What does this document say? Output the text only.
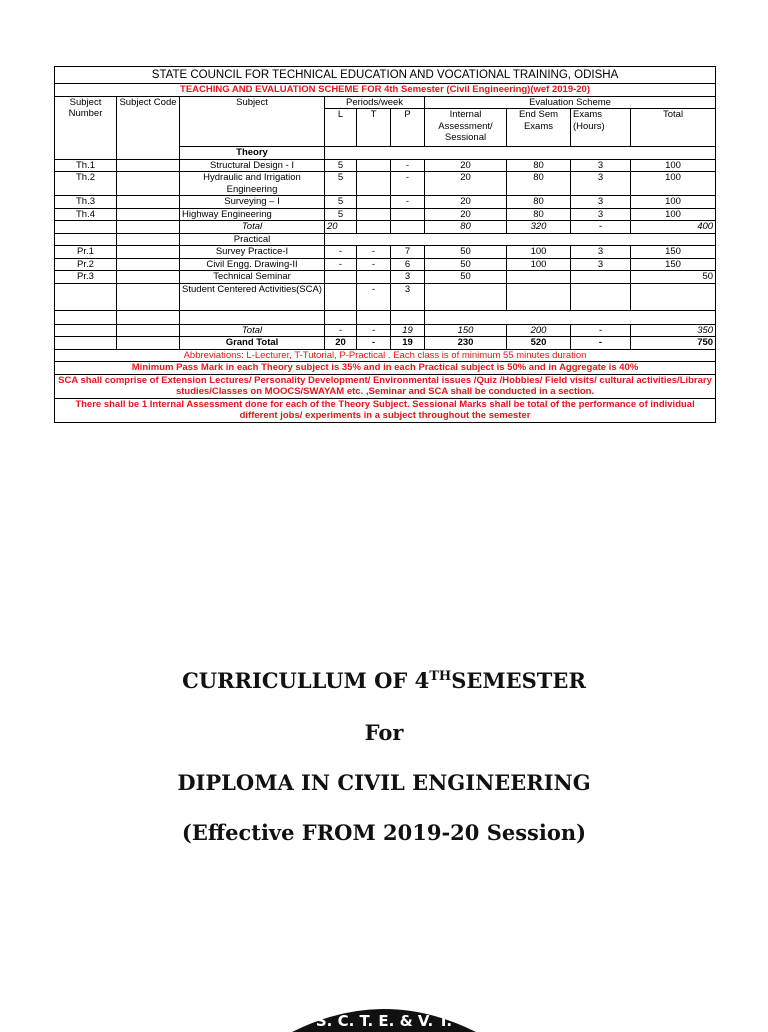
STATE COUNCIL FOR TECHNICAL EDUCATION AND VOCATIONAL TRAINING, ODISHA									
TEACHING AND EVALUATION SCHEME FOR 4th Semester (Civil Engineering)(wef 2019-20)									
Subject Number	Subject Code	Subject	Periods/week			Evaluation Scheme			
			L	T	P	Internal Assessment/ Sessional	End Sem Exams	Exams (Hours)	Total
		Theory							
Th.1		Structural Design - I	5		-	20	80	3	100
Th.2		Hydraulic and Irrigation Engineering	5		-	20	80	3	100
Th.3		Surveying – I	5		-	20	80	3	100
Th.4		Highway Engineering	5			20	80	3	100
		Total	20			80	320	-	400
		Practical							
Pr.1		Survey Practice-I	-	-	7	50	100	3	150
Pr.2		Civil Engg. Drawing-II	-	-	6	50	100	3	150
Pr.3		Technical Seminar			3	50			50
		Student Centered Activities(SCA)		-	3				

		Total	-	-	19	150	200	-	350
		Grand Total	20	-	19	230	520	-	750
Abbreviations: L-Lecturer, T-Tutorial, P-Practical . Each class is of minimum 55 minutes duration									
Minimum Pass Mark in each Theory subject is 35% and in each Practical subject is 50% and in Aggregate is 40%									
SCA shall comprise of Extension Lectures/ Personality Development/ Environmental issues /Quiz /Hobbies/ Field visits/ cultural activities/Library studies/Classes on MOOCS/SWAYAM etc. ,Seminar and SCA shall be conducted in a section.									
There shall be 1 Internal Assessment done for each of the Theory Subject. Sessional Marks shall be total of the performance of individual different jobs/ experiments in a subject throughout the semester									
CURRICULLUM OF 4THSEMESTER
For
DIPLOMA IN CIVIL ENGINEERING
(Effective FROM 2019-20 Session)
S. C. T. E. & V. T.
